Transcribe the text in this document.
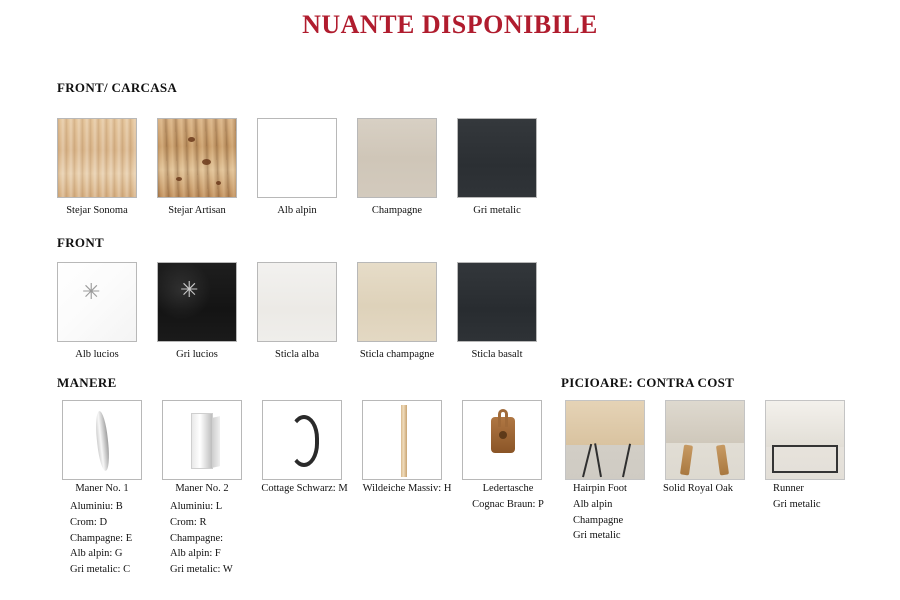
NUANTE DISPONIBILE
FRONT/ CARCASA
Stejar Sonoma	Stejar Artisan	Alb alpin	Champagne	Gri metalic
FRONT
✳
Alb lucios
✳
Gri lucios	Sticla alba	Sticla champagne	Sticla basalt
MANERE	PICIOARE: CONTRA COST
Maner No. 1
Aluminiu: B
Crom: D
Champagne: E
Alb alpin: G
Gri metalic: C
Maner No. 2
Aluminiu: L
Crom: R
Champagne:
Alb alpin: F
Gri metalic: W
Cottage Schwarz: M	Wildeiche Massiv: H	Ledertasche
Cognac Braun: P
Hairpin Foot
Alb alpin
Champagne
Gri metalic
Solid Royal Oak	Runner
Gri metalic
